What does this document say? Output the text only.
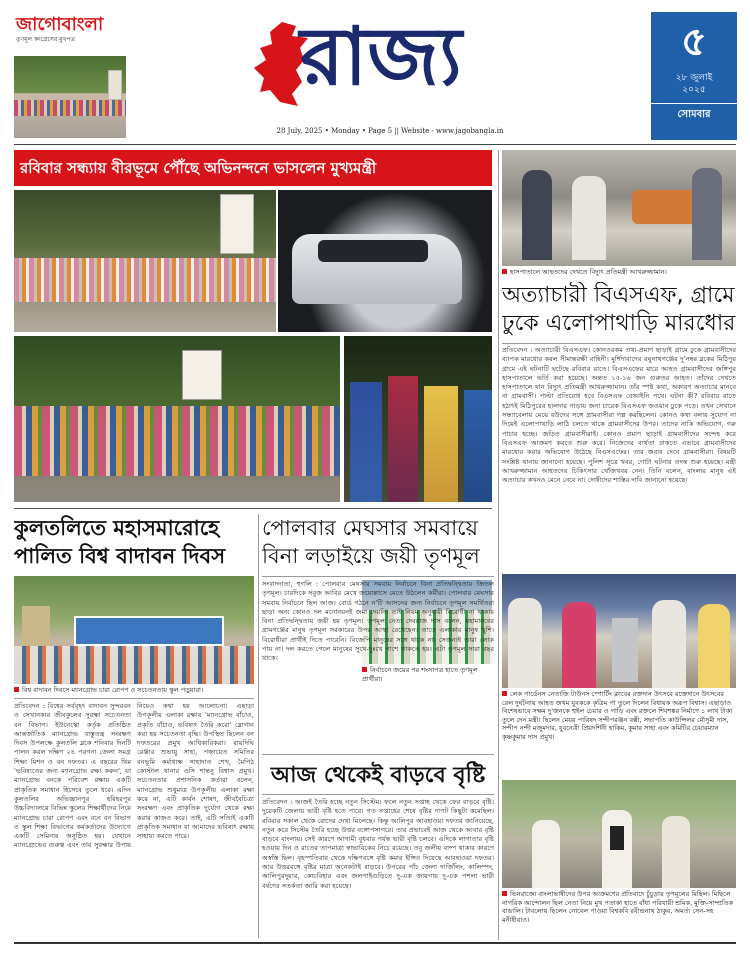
জাগোবাংলা
তৃণমূল কংগ্রেসের মুখপত্র	রাজ্য
28 July, 2025 • Monday • Page 5 || Website - www.jagobangla.in
৫
২৮ জুলাই ২০২৫
সোমবার
রবিবার সন্ধ্যায় বীরভূমে পৌঁছে অভিনন্দনে ভাসলেন মুখ্যমন্ত্রী
হাসপাতালে আহতদের দেখতে বিদ্যুৎ প্রতিমন্ত্রী আখরুজ্জামান।
অত্যাচারী বিএসএফ, গ্রামে ঢুকে এলোপাথাড়ি মারধোর
প্রতিবেদন : অত্যাচারী বিএসএফ। কোনওরকম তথ্য-প্রমাণ ছাড়াই গ্রামে ঢুকে গ্রামবাসীদের ব্যাপক মারধোর করল সীমান্তরক্ষী বাহিনী। মুর্শিদাবাদের রঘুনাথগঞ্জের দু'নম্বর ব্লকের মিঠিপুর গ্রামে এই ঘটনাটি ঘটেছে রবিবার রাতে। বিএসএফের মারে আহত গ্রামবাসীদের জঙ্গিপুর হাসপাতালে ভর্তি করা হয়েছে। অন্তত ১৫-১৬ জন গুরুতর আহত। তাঁদের দেখতে হাসপাতালে যান বিদ্যুৎ প্রতিমন্ত্রী আখরুজ্জামান। তাঁর স্পষ্ট কথা, অকারণ অত্যাচার মানবে না গ্রামবাসী। পাল্টা প্রতিরোধ হবে বিএসএফ বেআইনি পথে। ঘটনা কী? রবিবার রাতে হঠাৎই মিঠিপুরের হালদার পাড়ায় জনা চারেক বিএসএফ জওয়ান ঢুকে পড়ে। তখন সেখানে সন্ধ্যাবেলায় মেয়ে বউদের সঙ্গে গ্রামবাসীরা গল্প করছিলেন। কোনও কথা বলার সুযোগ না দিয়েই এলোপাথাড়ি লাঠি চলতে থাকে গ্রামবাসীদের উপর। তাদের নাকি অভিযোগ, গরু পাচার হচ্ছে। জড়িত গ্রামবাসীরাই। কোনও প্রমাণ ছাড়াই গ্রামবাসীদের সন্দেহ করে বিএসএফ আক্রমণ করতে শুরু করে। নিজেদের ব্যর্থতা ঢাকতে এভাবে গ্রামবাসীদের মারধোর করার অভিযোগ উঠেছে বিএসএফের। তার জবাব দেবে গ্রামবাসীরা। বিষয়টি সংশ্লিষ্ট থানায় জানানো হয়েছে। পুলিশ সূত্রে খবর, গোটা ঘটনার তদন্ত শুরু হয়েছে। মন্ত্রী আখরুজ্জামান আহতদের চিকিৎসার খোঁজখবর নেন। তিনি বলেন, বাংলার মানুষ এই অত্যাচার কখনও মেনে নেবে না। দোষীদের শাস্তির দাবি জানানো হয়েছে।
কুলতলিতে মহাসমারোহে পালিত বিশ্ব বাদাবন দিবস
বিশ্ব বাদাবন দিবসে ম্যানগ্রোভ চারা রোপণ ও সচেতনতায় স্কুল পড়ুয়ারা।
প্রতিবেদন : বিশ্বের সর্ববৃহৎ বাদাবন সুন্দরবন ও সেখানকার জীবকুলের সুরক্ষা সচেতনতা বন বিভাগ। ইউনেস্কো কর্তৃক প্রতিষ্ঠিত আন্তর্জাতিক ম্যানগ্রোভ বাস্তুতন্ত্র সংরক্ষণ দিবস উপলক্ষে কুলতলি ব্লকে শনিবার দিনটি পালন করল দক্ষিণ ২৪ পরগনা জেলা সমগ্র শিক্ষা মিশন ও বন দফতর। এ বছরের থিম 'ভবিষ্যতের জন্য ম্যানগ্রোভ রক্ষা করুন', যা ম্যানগ্রোভ বনকে পরিবেশ রক্ষায় একটি প্রাকৃতিক সমাধান হিসেবে তুলে ধরে। এদিন কুলতলির অভিজ্ঞানপুর হরিহরপুর উচ্চবিদ্যালয়ে বিভিন্ন স্কুলের শিক্ষার্থীদের নিয়ে ম্যানগ্রোভ চারা রোপণ এবং বনে বন বিভাগ ও স্কুল শিক্ষা বিভাগের কর্মকর্তাদের উদ্যোগে একটি সেমিনার অনুষ্ঠিত হয়। যেখানে ম্যানগ্রোভের গুরুত্ব এবং তার সুরক্ষার উপায় নিয়েও কথা হয় আলোচনা। এছাড়া উপকূলীয় এলাকা রক্ষায় 'ম্যানগ্রোভ বাঁচাও, প্রকৃতি বাঁচাও, ভবিষ্যৎ তৈরি করো' স্লোগান করা হয় সচেতনতা বৃদ্ধি। উপস্থিত ছিলেন বন দফতরের প্রমুখ আধিকারিকরা। রায়দিঘি রেঞ্জার শুভায়ু সাহা, পঞ্চায়েত সমিতির বনভূমি কর্মাধ্যক্ষ সাহাদাত শেখ, মৈপিঠ কোস্টাল থানার ওসি শান্তনু বিশ্বাস প্রমুখ। সচেতনতার প্রশাসনিক কর্তারা বলেন, ম্যানগ্রোভ শুধুমাত্র উপকূলীয় এলাকা রক্ষা করে না, এটি কার্বন শোষণ, জীববৈচিত্র্য সংরক্ষণ এবং প্রাকৃতিক দুর্যোগ থেকে রক্ষা করার কাজও করে। তাই, এটি সত্যিই একটি প্রাকৃতিক সমাধান যা আমাদের ভবিষ্যৎ রক্ষায় সাহায্য করতে পারে।
পোলবার মেঘসার সমবায়ে বিনা লড়াইয়ে জয়ী তৃণমূল
নির্বাচনে জয়ের পর শংসাপত্র হাতে তৃণমূল প্রার্থীরা।
সংবাদদাতা, হুগলি : পোলবার মেঘসার সমবায় নির্বাচনে বিনা প্রতিদ্বন্দ্বিতায় জিতল তৃণমূল। চারদিকে সবুজ আবির মেখে জয়োল্লাসে মেতে উঠলেন কর্মীরা। পোলবার মেঘসার সমবায় নির্বাচনে ছিল আজ। বোর্ড গঠনে ন'টি আসনের জন্য নির্বাচনে তৃণমূল সমর্থিতরা ছাড়া অন্য কোনও দল মনোনয়নই জমা দেয়নি। তাই নিয়ম অনুযায়ী বিরোধী না থাকায় বিনা প্রতিদ্বন্দ্বিতায় জয়ী হয় তৃণমূল। তৃণমূল নেতা দেবরাজ দাস বলেন, মহামানবের গ্রামগঞ্জের মানুষ তৃণমূল সরকারের উপর আস্থা রেখেছেন। তাতে এলাকার মানুষ খুশি। বিরোধীরা প্রার্থীই দিতে পারেনি। বিজেপি মানুষের সঙ্গে থাকে না। সেজন্যই তারা লোক পায় না। দল করতে গেলে মানুষের সুখে-দুঃখে পাশে থাকতে হয়। এটা তৃণমূল সারা বছর থাকে।
আজ থেকেই বাড়বে বৃষ্টি
প্রতিবেদন : আজই তৈরি হচ্ছে নতুন সিস্টেম। ফলে নতুন সপ্তাহ থেকে ফের বাড়বে বৃষ্টি। দুয়েকটি জেলায় ভারী বৃষ্টি হতে পারে। গত সপ্তাহের শেষে বৃষ্টির দাপট কিছুটা কমেছিল। রবিবার সকাল থেকে রোদের দেখা মিলেছে। কিন্তু আলিপুর আবহাওয়া দফতর জানিয়েছে, নতুন করে সিস্টেম তৈরি হচ্ছে উত্তর বঙ্গোপসাগরে। তার প্রভাবেই আজ থেকে আবার বৃষ্টি বাড়বে বাংলায়। সেই কারণে আগামী বুধবার পর্যন্ত ভারী বৃষ্টি চলবে। এদিকে লাগাতার বৃষ্টি হওয়ায় দিন ও রাতের তাপমাত্রা স্বাভাবিকের নিচে রয়েছে। তবু জলীয় বাষ্প থাকার কারণে অস্বস্তি ছিল। বৃহস্পতিবার থেকে দক্ষিণবঙ্গে বৃষ্টি কমার ইঙ্গিত দিয়েছে আবহাওয়া দফতর। আর উত্তরবঙ্গে বৃষ্টির মাত্রা অনেকটাই বাড়বে। উপরের পাঁচ জেলা দার্জিলিং, কালিম্পং, আলিপুরদুয়ার, কোচবিহার এবং জলপাইগুড়িতে দু-এক জায়গায় দু-এক পশলা ভারী বর্ষণের সতর্কতা জারি করা হয়েছে।
লেক গার্ডেনস নেতাজি টাউনস স্পোর্টিং ক্লাবের রক্তদান উৎসবে রক্তেদানে উৎসবের রেল দুর্ঘটনায় আহত জখম যুবককে কৃত্রিম পা তুলে দিলেন বিধায়ক অরূপ বিশ্বাস। এছাড়াও বিশেষভাবে সক্ষম দু'জনকে হুইল চেয়ার ও গাড়ি এবং রক্তলে শিবশঙ্কর নির্মাণে ১ লাখ টাকা তুলে দেন মন্ত্রী। ছিলেন মেয়র পারিষদ সন্দীপরঞ্জন বক্সী, সভাপতি কাউন্সিলর মৌসুমী দাস, সন্দীপ নন্দী মজুমদার, যুবনেত্রী প্রিয়দর্শিনী হাকিম, কুমার সাহা এবং কমিটির চেয়ারম্যান কৃষ্ণকুমার দাস প্রমুখ।
ভিনরাজ্যে বাংলাভাষীদের উপর আক্রমণের প্রতিবাদে চুঁচুড়ায় তৃণমূলের মিছিল। মিছিলে নাগরিক আন্দোলন ছিল নেতা নিয়ে মুখ পতাকা হাতে বাঁধা পরিযায়ী শ্রমিক, মুক্তি-সাম্প্রতিক বাঙালি। টাবলোয় ছিলেন নোবেল পাওয়া বিশ্বকবি রবীন্দ্রনাথ ঠাকুর, অমর্ত্য সেন-সহ মনীষীরাও।
